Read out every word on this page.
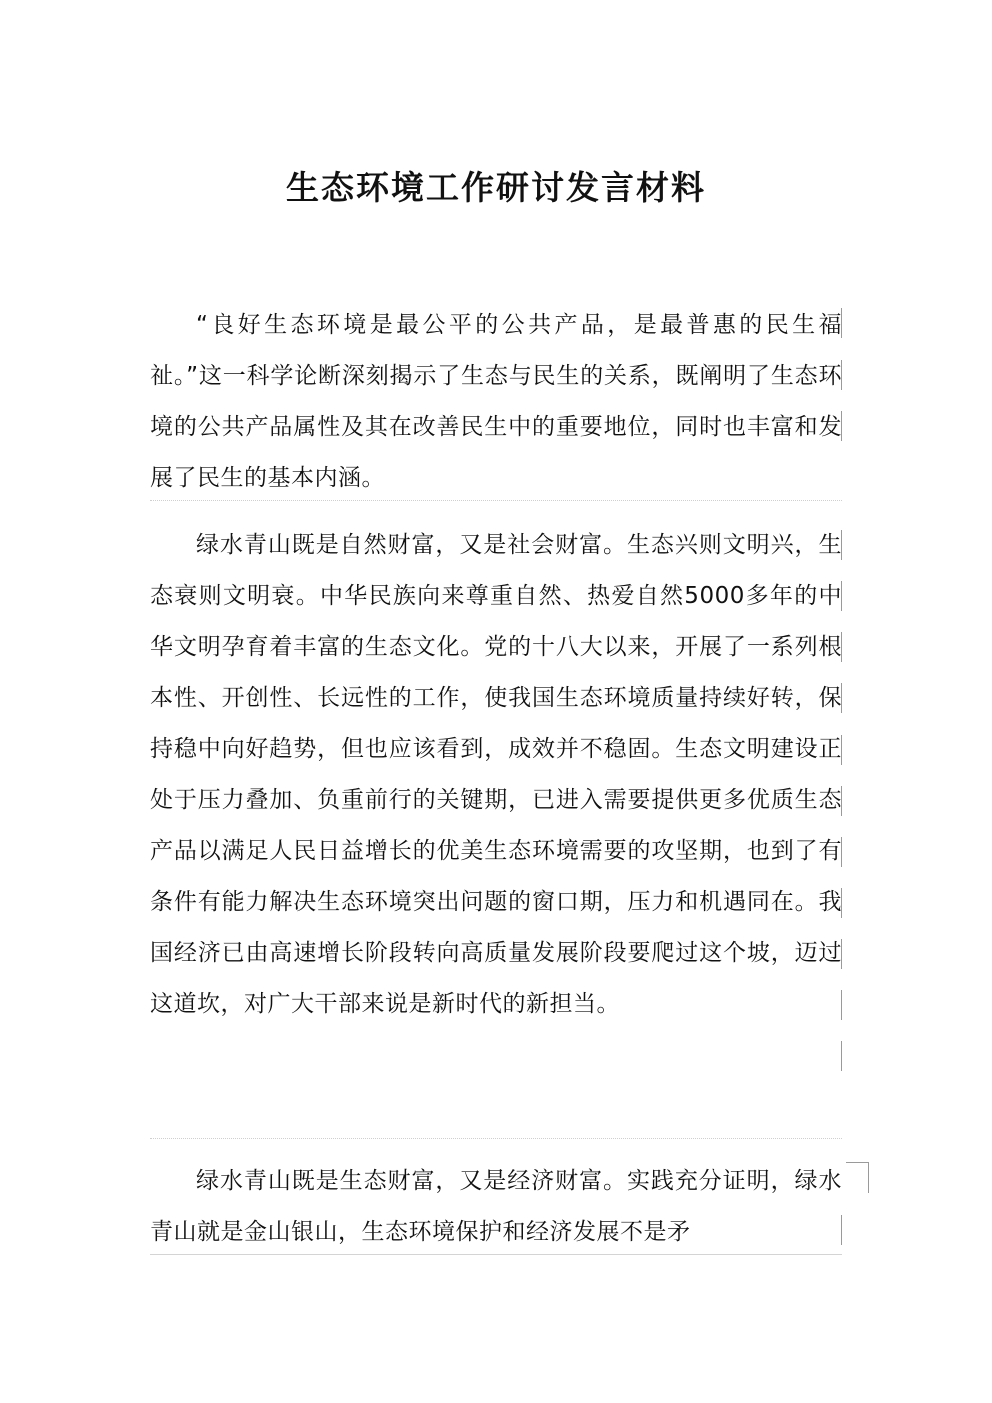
生态环境工作研讨发言材料

“良好生态环境是最公平的公共产品，是最普惠的民生福祉。”这一科学论断深刻揭示了生态与民生的关系，既阐明了生态环境的公共产品属性及其在改善民生中的重要地位，同时也丰富和发展了民生的基本内涵。

绿水青山既是自然财富，又是社会财富。生态兴则文明兴，生态衰则文明衰。中华民族向来尊重自然、热爱自然5000多年的中华文明孕育着丰富的生态文化。党的十八大以来，开展了一系列根本性、开创性、长远性的工作，使我国生态环境质量持续好转，保持稳中向好趋势，但也应该看到，成效并不稳固。生态文明建设正处于压力叠加、负重前行的关键期，已进入需要提供更多优质生态产品以满足人民日益增长的优美生态环境需要的攻坚期，也到了有条件有能力解决生态环境突出问题的窗口期，压力和机遇同在。我国经济已由高速增长阶段转向高质量发展阶段要爬过这个坡，迈过这道坎，对广大干部来说是新时代的新担当。

绿水青山既是生态财富，又是经济财富。实践充分证明，绿水青山就是金山银山，生态环境保护和经济发展不是矛
